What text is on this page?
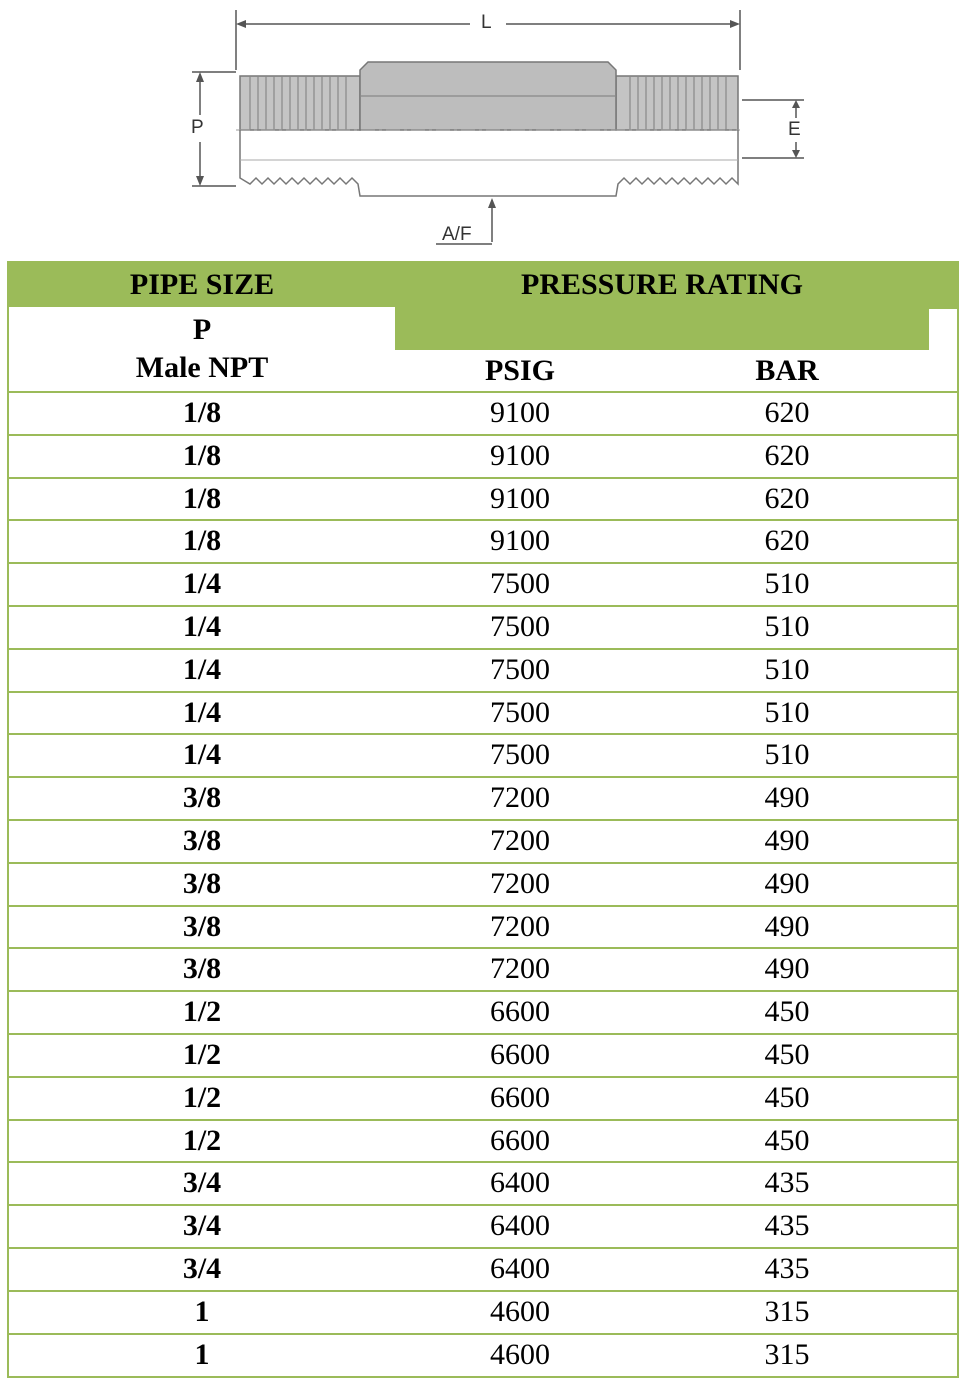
L
P	E
A/F
PIPE SIZE	PRESSURE RATING
P
Male NPT	PSIG	BAR
1/8	9100	620
1/8	9100	620
1/8	9100	620
1/8	9100	620
1/4	7500	510
1/4	7500	510
1/4	7500	510
1/4	7500	510
1/4	7500	510
3/8	7200	490
3/8	7200	490
3/8	7200	490
3/8	7200	490
3/8	7200	490
1/2	6600	450
1/2	6600	450
1/2	6600	450
1/2	6600	450
3/4	6400	435
3/4	6400	435
3/4	6400	435
1	4600	315
1	4600	315
